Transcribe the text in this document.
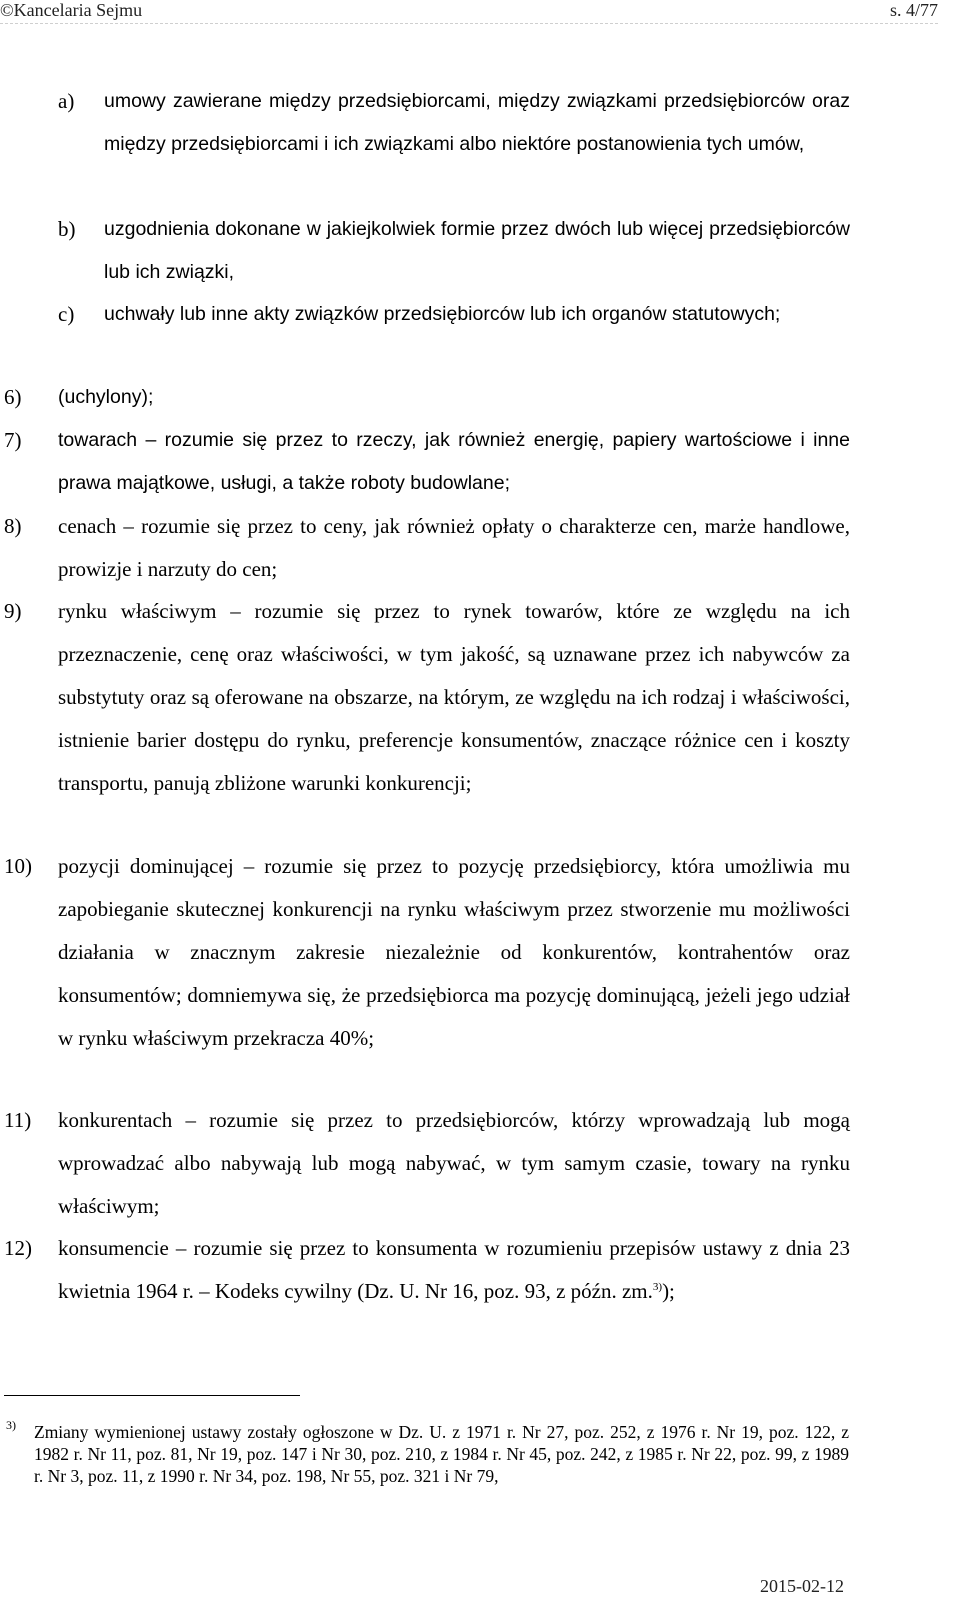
©Kancelaria Sejmu	s. 4/77
a) umowy zawierane między przedsiębiorcami, między związkami przedsiębiorców oraz między przedsiębiorcami i ich związkami albo niektóre postanowienia tych umów,
b) uzgodnienia dokonane w jakiejkolwiek formie przez dwóch lub więcej przedsiębiorców lub ich związki,
c) uchwały lub inne akty związków przedsiębiorców lub ich organów statutowych;
6) (uchylony);
7) towarach – rozumie się przez to rzeczy, jak również energię, papiery wartościowe i inne prawa majątkowe, usługi, a także roboty budowlane;
8) cenach – rozumie się przez to ceny, jak również opłaty o charakterze cen, marże handlowe, prowizje i narzuty do cen;
9) rynku właściwym – rozumie się przez to rynek towarów, które ze względu na ich przeznaczenie, cenę oraz właściwości, w tym jakość, są uznawane przez ich nabywców za substytuty oraz są oferowane na obszarze, na którym, ze względu na ich rodzaj i właściwości, istnienie barier dostępu do rynku, preferencje konsumentów, znaczące różnice cen i koszty transportu, panują zbliżone warunki konkurencji;
10) pozycji dominującej – rozumie się przez to pozycję przedsiębiorcy, która umożliwia mu zapobieganie skutecznej konkurencji na rynku właściwym przez stworzenie mu możliwości działania w znacznym zakresie niezależnie od konkurentów, kontrahentów oraz konsumentów; domniemywa się, że przedsiębiorca ma pozycję dominującą, jeżeli jego udział w rynku właściwym przekracza 40%;
11) konkurentach – rozumie się przez to przedsiębiorców, którzy wprowadzają lub mogą wprowadzać albo nabywają lub mogą nabywać, w tym samym czasie, towary na rynku właściwym;
12) konsumencie – rozumie się przez to konsumenta w rozumieniu przepisów ustawy z dnia 23 kwietnia 1964 r. – Kodeks cywilny (Dz. U. Nr 16, poz. 93, z późn. zm.$^{3)}$);
3) Zmiany wymienionej ustawy zostały ogłoszone w Dz. U. z 1971 r. Nr 27, poz. 252, z 1976 r. Nr 19, poz. 122, z 1982 r. Nr 11, poz. 81, Nr 19, poz. 147 i Nr 30, poz. 210, z 1984 r. Nr 45, poz. 242, z 1985 r. Nr 22, poz. 99, z 1989 r. Nr 3, poz. 11, z 1990 r. Nr 34, poz. 198, Nr 55, poz. 321 i Nr 79,
2015-02-12
